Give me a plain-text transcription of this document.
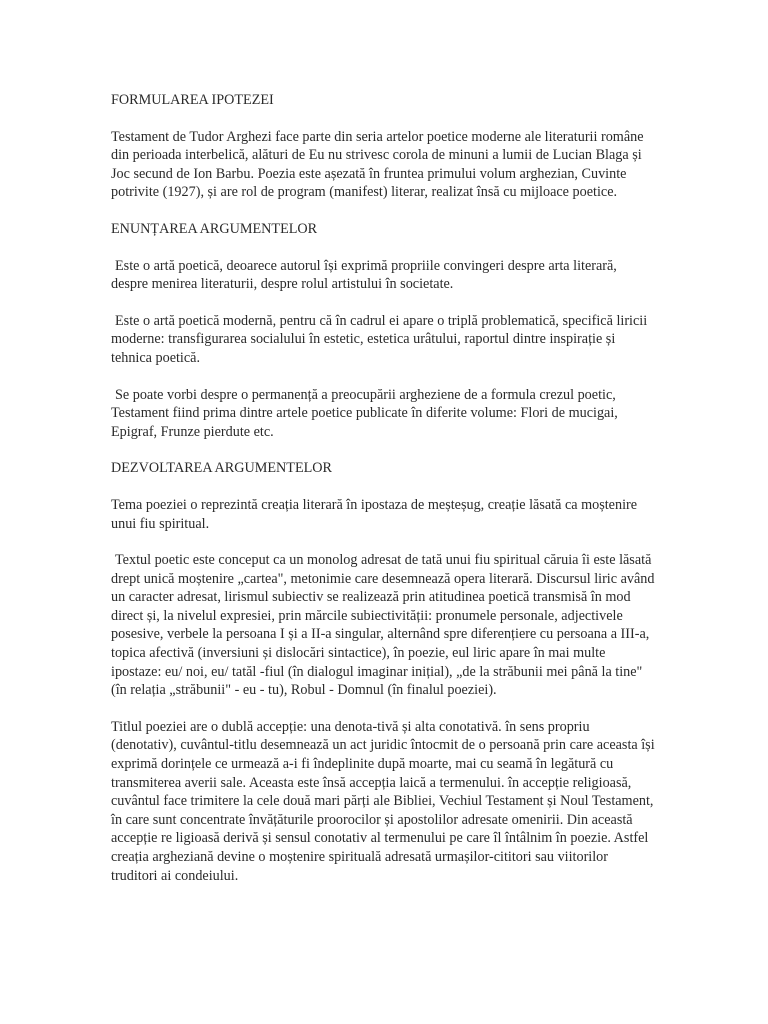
FORMULAREA IPOTEZEI

Testament de Tudor Arghezi face parte din seria artelor poetice moderne ale literaturii române din perioada interbelică, alături de Eu nu strivesc corola de minuni a lumii de Lucian Blaga și Joc secund de Ion Barbu. Poezia este așezată în fruntea primului volum arghezian, Cuvinte potrivite (1927), și are rol de program (manifest) literar, realizat însă cu mijloace poetice.

ENUNȚAREA ARGUMENTELOR

Este o artă poetică, deoarece autorul își exprimă propriile convingeri despre arta literară, despre menirea literaturii, despre rolul artistului în societate.

Este o artă poetică modernă, pentru că în cadrul ei apare o triplă problematică, specifică liricii moderne: transfigurarea socialului în estetic, estetica urâtului, raportul dintre inspirație și tehnica poetică.

Se poate vorbi despre o permanență a preocupării argheziene de a formula crezul poetic, Testament fiind prima dintre artele poetice publicate în diferite volume: Flori de mucigai, Epigraf, Frunze pierdute etc.

DEZVOLTAREA ARGUMENTELOR

Tema poeziei o reprezintă creația literară în ipostaza de meșteșug, creație lăsată ca moștenire unui fiu spiritual.

Textul poetic este conceput ca un monolog adresat de tată unui fiu spiritual căruia îi este lăsată drept unică moștenire „cartea", metonimie care desemnează opera literară. Discursul liric având un caracter adresat, lirismul subiectiv se realizează prin atitudinea poetică transmisă în mod direct și, la nivelul expresiei, prin mărcile subiectivității: pronumele personale, adjectivele posesive, verbele la persoana I și a II-a singular, alternând spre diferențiere cu persoana a III-a, topica afectivă (inversiuni și dislocări sintactice), în poezie, eul liric apare în mai multe ipostaze: eu/ noi, eu/ tatăl -fiul (în dialogul imaginar inițial), „de la străbunii mei până la tine" (în relația „străbunii" - eu - tu), Robul - Domnul (în finalul poeziei).

Titlul poeziei are o dublă accepție: una denota-tivă și alta conotativă. în sens propriu (denotativ), cuvântul-titlu desemnează un act juridic întocmit de o persoană prin care aceasta își exprimă dorințele ce urmează a-i fi îndeplinite după moarte, mai cu seamă în legătură cu transmiterea averii sale. Aceasta este însă accepția laică a termenului. în accepție religioasă, cuvântul face trimitere la cele două mari părți ale Bibliei, Vechiul Testament și Noul Testament, în care sunt concentrate învățăturile proorocilor și apostolilor adresate omenirii. Din această accepție re ligioasă derivă și sensul conotativ al termenului pe care îl întâlnim în poezie. Astfel creația argheziană devine o moștenire spirituală adresată urmașilor-cititori sau viitorilor truditori ai condeiului.
